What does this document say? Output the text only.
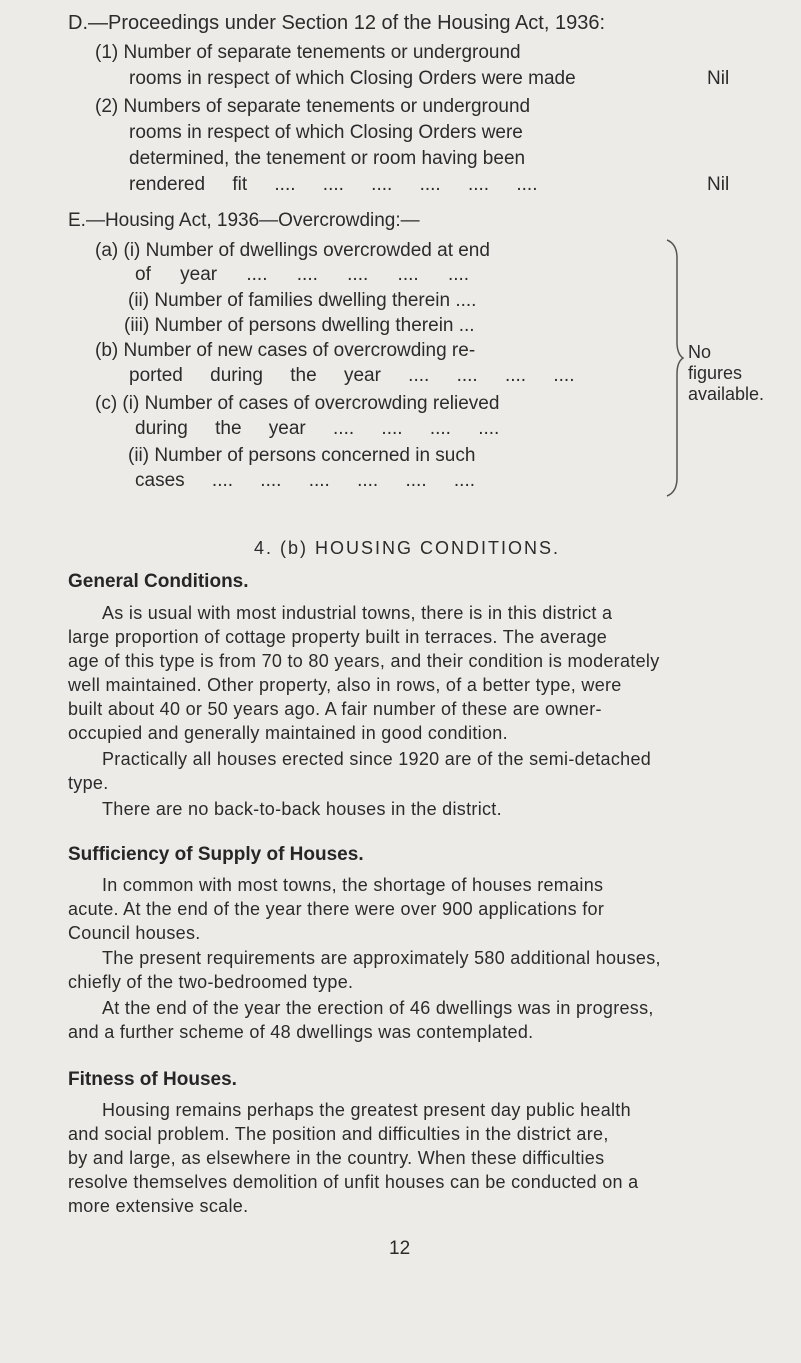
D.—Proceedings under Section 12 of the Housing Act, 1936:
(1) Number of separate tenements or underground
rooms in respect of which Closing Orders were made	Nil
(2) Numbers of separate tenements or underground
rooms in respect of which Closing Orders were
determined, the tenement or room having been
rendered fit .... .... .... .... .... ....	Nil
E.—Housing Act, 1936—Overcrowding:—
(a) (i) Number of dwellings overcrowded at end
of year .... .... .... .... ....
(ii) Number of families dwelling therein ....
(iii) Number of persons dwelling therein ...
(b) Number of new cases of overcrowding re-
ported during the year .... .... .... ....
(c) (i) Number of cases of overcrowding relieved
during the year .... .... .... ....
(ii) Number of persons concerned in such
cases .... .... .... .... .... ....
No
figures
available.
4. (b) HOUSING CONDITIONS.
General Conditions.
As is usual with most industrial towns, there is in this district a
large proportion of cottage property built in terraces. The average
age of this type is from 70 to 80 years, and their condition is moderately
well maintained. Other property, also in rows, of a better type, were
built about 40 or 50 years ago. A fair number of these are owner-
occupied and generally maintained in good condition.
Practically all houses erected since 1920 are of the semi-detached
type.
There are no back-to-back houses in the district.
Sufficiency of Supply of Houses.
In common with most towns, the shortage of houses remains
acute. At the end of the year there were over 900 applications for
Council houses.
The present requirements are approximately 580 additional houses,
chiefly of the two-bedroomed type.
At the end of the year the erection of 46 dwellings was in progress,
and a further scheme of 48 dwellings was contemplated.
Fitness of Houses.
Housing remains perhaps the greatest present day public health
and social problem. The position and difficulties in the district are,
by and large, as elsewhere in the country. When these difficulties
resolve themselves demolition of unfit houses can be conducted on a
more extensive scale.
12
